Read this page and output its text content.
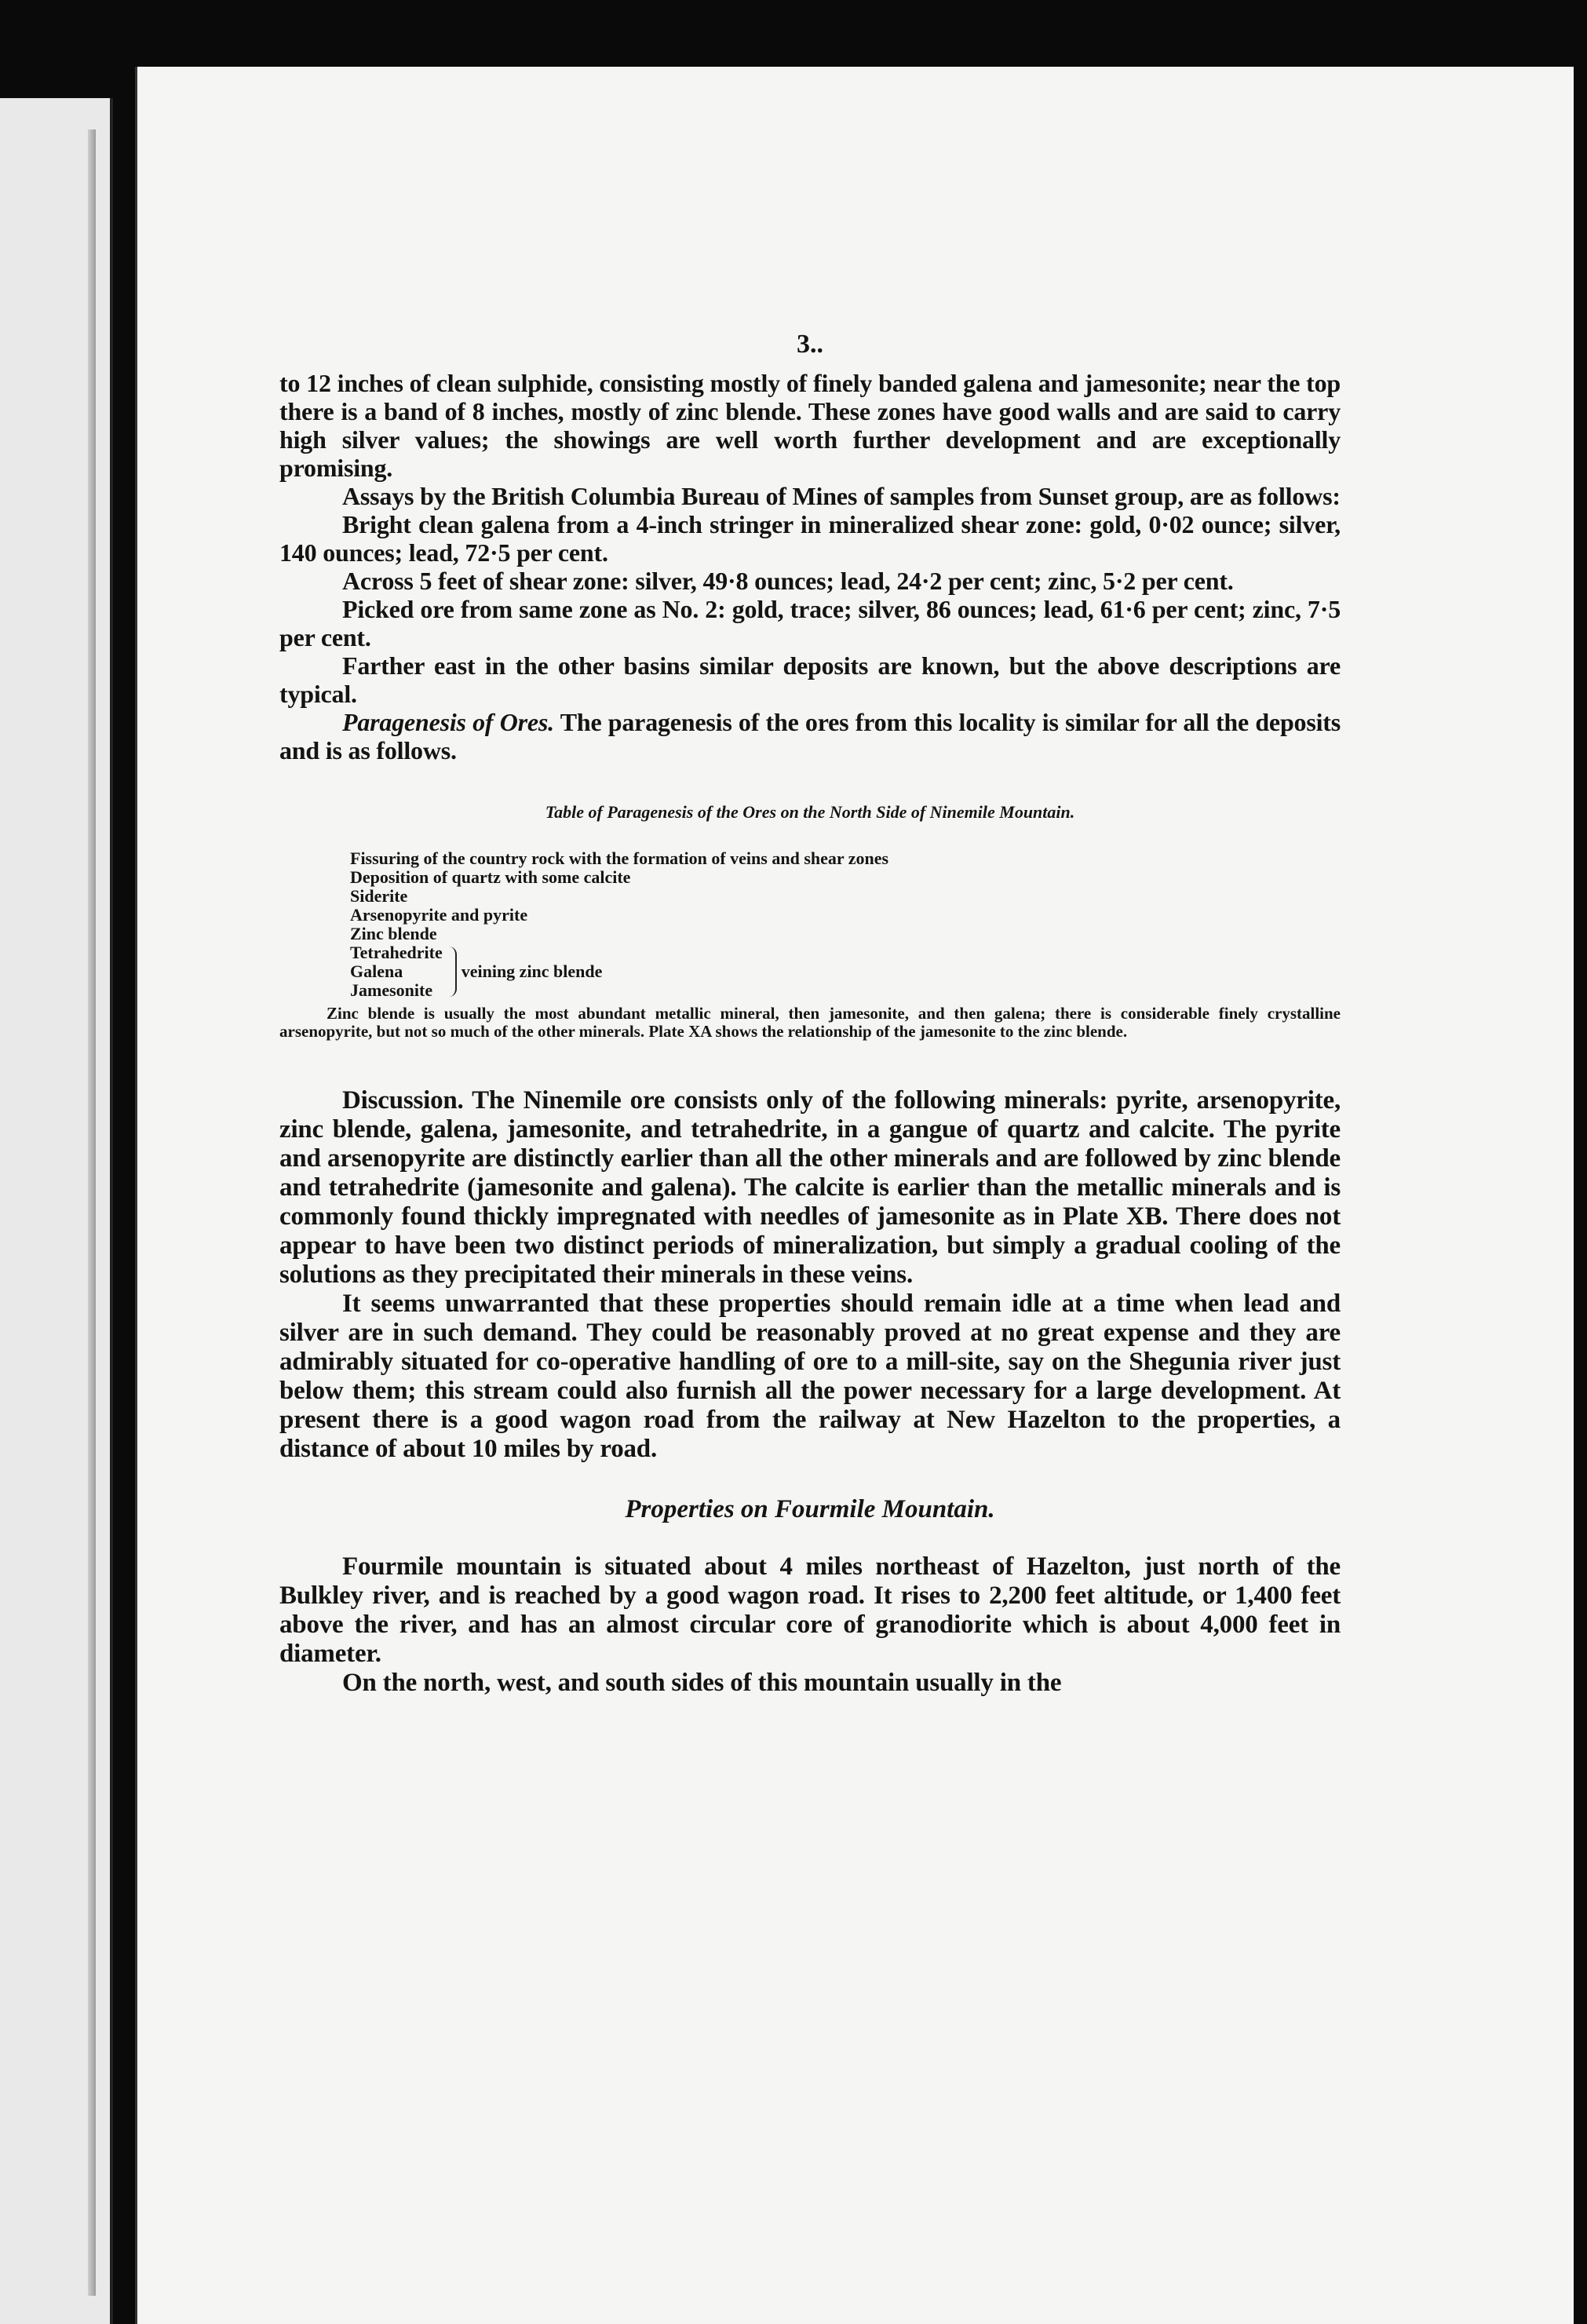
3..

to 12 inches of clean sulphide, consisting mostly of finely banded galena and jamesonite; near the top there is a band of 8 inches, mostly of zinc blende. These zones have good walls and are said to carry high silver values; the showings are well worth further development and are exceptionally promising.

Assays by the British Columbia Bureau of Mines of samples from Sunset group, are as follows:

Bright clean galena from a 4-inch stringer in mineralized shear zone: gold, 0·02 ounce; silver, 140 ounces; lead, 72·5 per cent.

Across 5 feet of shear zone: silver, 49·8 ounces; lead, 24·2 per cent; zinc, 5·2 per cent.

Picked ore from same zone as No. 2: gold, trace; silver, 86 ounces; lead, 61·6 per cent; zinc, 7·5 per cent.

Farther east in the other basins similar deposits are known, but the above descriptions are typical.

Paragenesis of Ores. The paragenesis of the ores from this locality is similar for all the deposits and is as follows.

Table of Paragenesis of the Ores on the North Side of Ninemile Mountain.
Fissuring of the country rock with the formation of veins and shear zones
Deposition of quartz with some calcite
Siderite
Arsenopyrite and pyrite
Zinc blende
Tetrahedrite
Galena
Jamesonite
veining zinc blende
Zinc blende is usually the most abundant metallic mineral, then jamesonite, and then galena; there is considerable finely crystalline arsenopyrite, but not so much of the other minerals. Plate XA shows the relationship of the jamesonite to the zinc blende.

Discussion. The Ninemile ore consists only of the following minerals: pyrite, arsenopyrite, zinc blende, galena, jamesonite, and tetrahedrite, in a gangue of quartz and calcite. The pyrite and arsenopyrite are distinctly earlier than all the other minerals and are followed by zinc blende and tetrahedrite (jamesonite and galena). The calcite is earlier than the metallic minerals and is commonly found thickly impregnated with needles of jamesonite as in Plate XB. There does not appear to have been two distinct periods of mineralization, but simply a gradual cooling of the solutions as they precipitated their minerals in these veins.

It seems unwarranted that these properties should remain idle at a time when lead and silver are in such demand. They could be reasonably proved at no great expense and they are admirably situated for co-operative handling of ore to a mill-site, say on the Shegunia river just below them; this stream could also furnish all the power necessary for a large development. At present there is a good wagon road from the railway at New Hazelton to the properties, a distance of about 10 miles by road.

Properties on Fourmile Mountain.

Fourmile mountain is situated about 4 miles northeast of Hazelton, just north of the Bulkley river, and is reached by a good wagon road. It rises to 2,200 feet altitude, or 1,400 feet above the river, and has an almost circular core of granodiorite which is about 4,000 feet in diameter.

On the north, west, and south sides of this mountain usually in the
